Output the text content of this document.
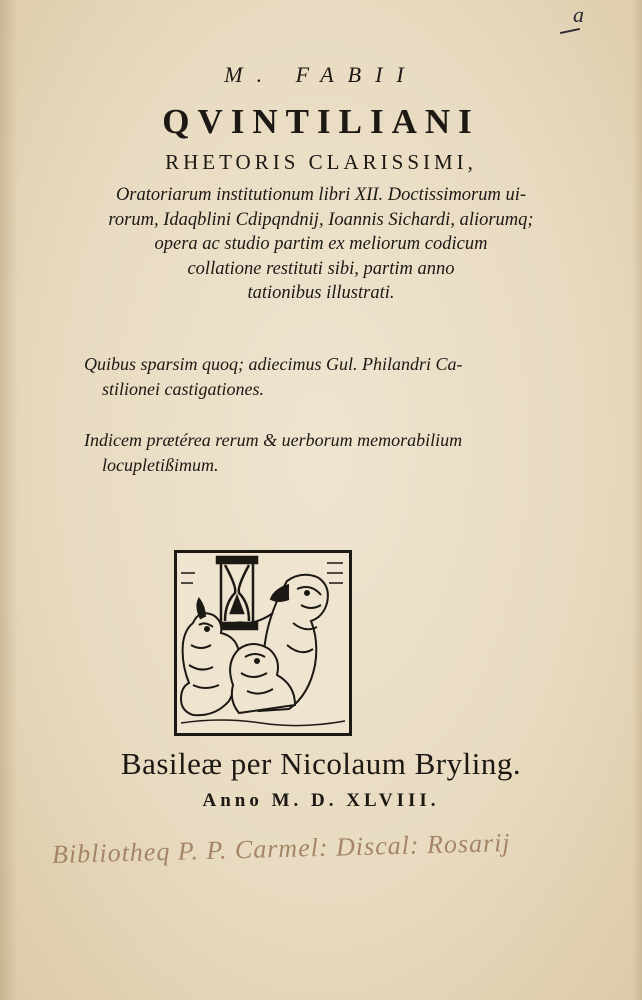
a
M. FABII
QVINTILIANI
RHETORIS CLARISSIMI,
Oratoriarum institutionum libri XII. Doctissimorum ui-
rorum, Idaqblini Cdipqndnij, Ioannis Sichardi, aliorumq;
opera ac studio partim ex meliorum codicum
collatione restituti sibi, partim anno
tationibus illustrati.
Quibus sparsim quoq; adiecimus Gul. Philandri Ca-
stilionei castigationes.
Indicem prætérea rerum & uerborum memorabilium
locupletißimum.
Basileæ per Nicolaum Bryling.
Anno M. D. XLVIII.
Bibliotheq P. P. Carmel: Discal: Rosarij
